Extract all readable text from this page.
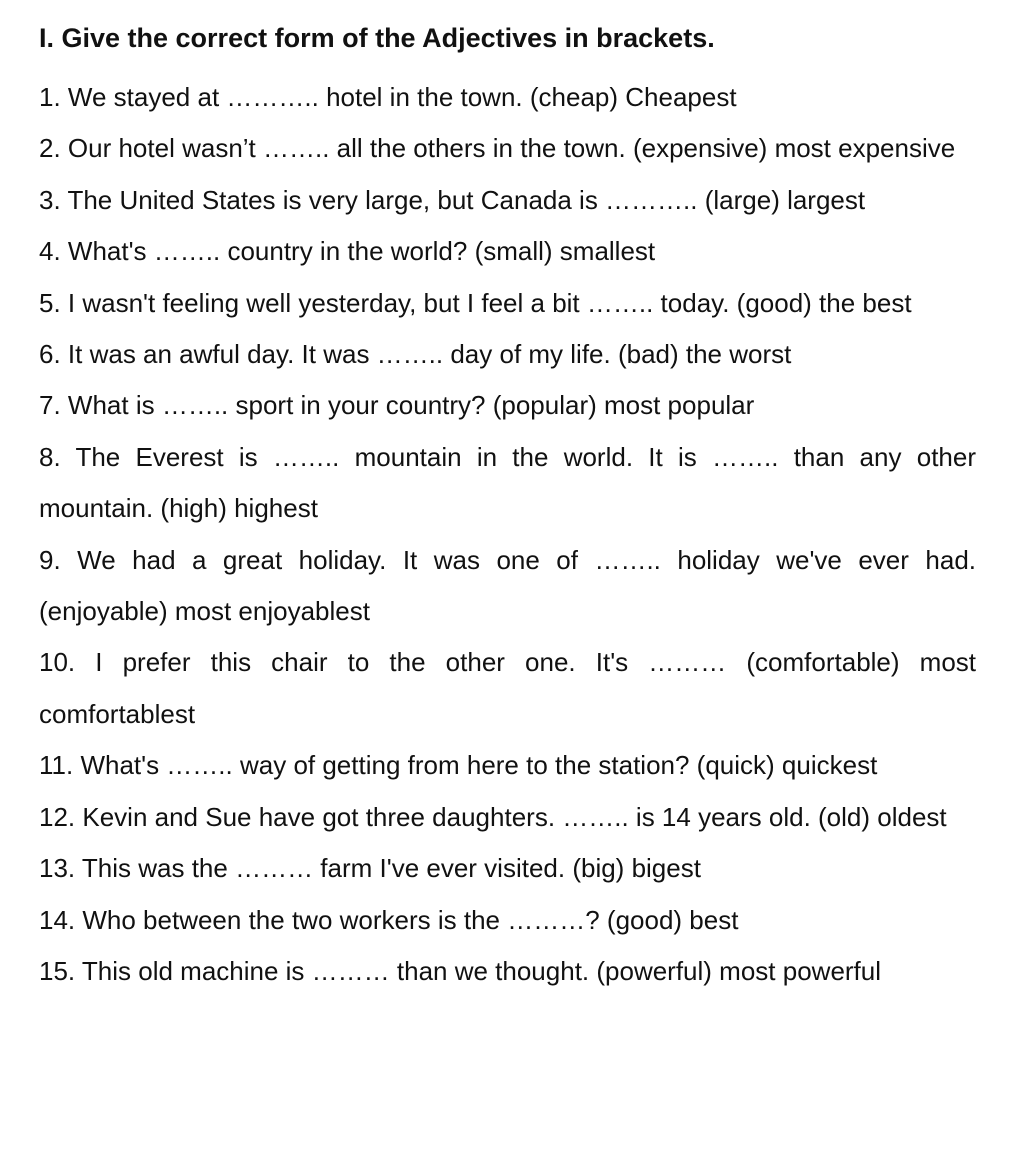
I. Give the correct form of the Adjectives in brackets.
1. We stayed at ……….. hotel in the town. (cheap) Cheapest
2. Our hotel wasn’t …….. all the others in the town. (expensive) most expensive
3. The United States is very large, but Canada is ……….. (large) largest
4. What's …….. country in the world? (small) smallest
5. I wasn't feeling well yesterday, but I feel a bit …….. today. (good) the best
6. It was an awful day. It was …….. day of my life. (bad) the worst
7. What is …….. sport in your country? (popular) most popular
8. The Everest is …….. mountain in the world. It is …….. than any other mountain. (high) highest
9. We had a great holiday. It was one of …….. holiday we've ever had. (enjoyable) most enjoyablest
10. I prefer this chair to the other one. It's ……… (comfortable) most comfortablest
11. What's …….. way of getting from here to the station? (quick) quickest
12. Kevin and Sue have got three daughters. …….. is 14 years old. (old) oldest
13. This was the ……… farm I've ever visited. (big) bigest
14. Who between the two workers is the ………? (good) best
15. This old machine is ……… than we thought. (powerful) most powerful
